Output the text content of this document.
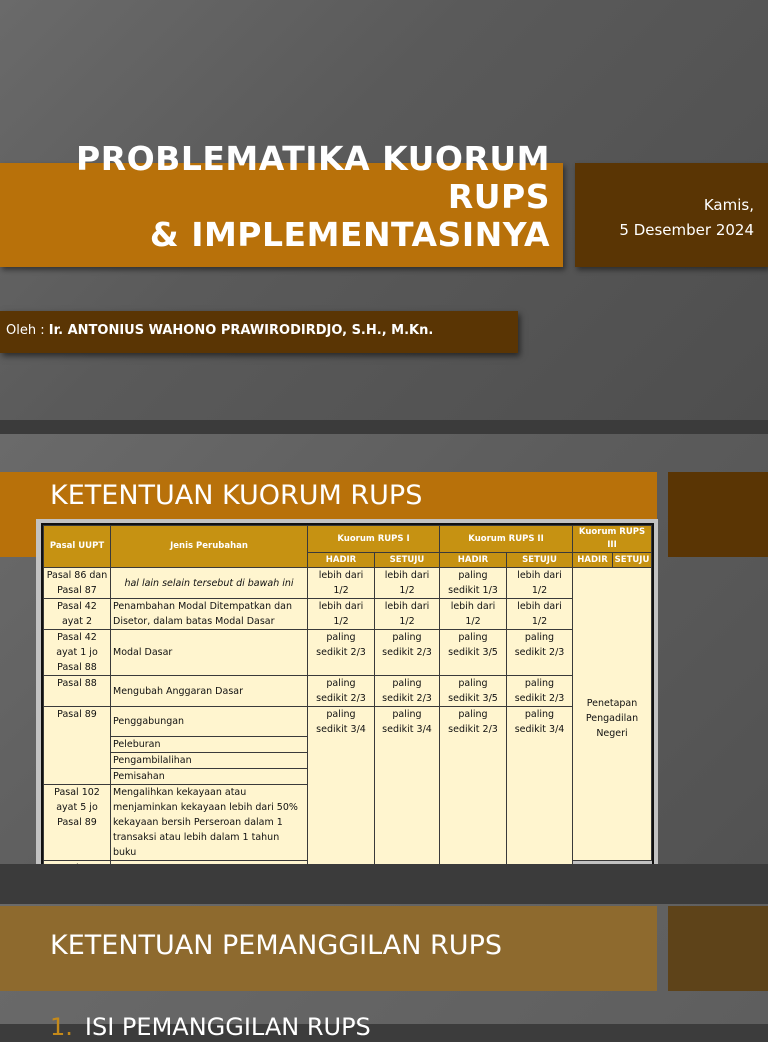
PROBLEMATIKA KUORUM
RUPS
& IMPLEMENTASINYA
Kamis,
5 Desember 2024
Oleh : Ir. ANTONIUS WAHONO PRAWIRODIRDJO, S.H., M.Kn.
KETENTUAN KUORUM RUPS
Pasal UUPT	Jenis Perubahan	Kuorum RUPS I		Kuorum RUPS II		Kuorum RUPS III	
		HADIR	SETUJU	HADIR	SETUJU	HADIR	SETUJU
Pasal 86 dan Pasal 87	hal lain selain tersebut di bawah ini	lebih dari 1/2	lebih dari 1/2	paling sedikit 1/3	lebih dari 1/2	Penetapan Pengadilan Negeri	
Pasal 42 ayat 2	Penambahan Modal Ditempatkan dan Disetor, dalam batas Modal Dasar	lebih dari 1/2	lebih dari 1/2	lebih dari 1/2	lebih dari 1/2		
Pasal 42 ayat 1 jo Pasal 88	Modal Dasar	paling sedikit 2/3	paling sedikit 2/3	paling sedikit 3/5	paling sedikit 2/3		
Pasal 88	Mengubah Anggaran Dasar	paling sedikit 2/3	paling sedikit 2/3	paling sedikit 3/5	paling sedikit 2/3		
Pasal 89	Penggabungan	paling sedikit 3/4	paling sedikit 3/4	paling sedikit 2/3	paling sedikit 3/4		
	Peleburan						
	Pengambilalihan						
	Pemisahan						
Pasal 102 ayat 5 jo Pasal 89	Mengalihkan kekayaan atau menjaminkan kekayaan lebih dari 50% kekayaan bersih Perseroan dalam 1 transaksi atau lebih dalam 1 tahun buku						

KETENTUAN PEMANGGILAN RUPS
1. ISI PEMANGGILAN RUPS
